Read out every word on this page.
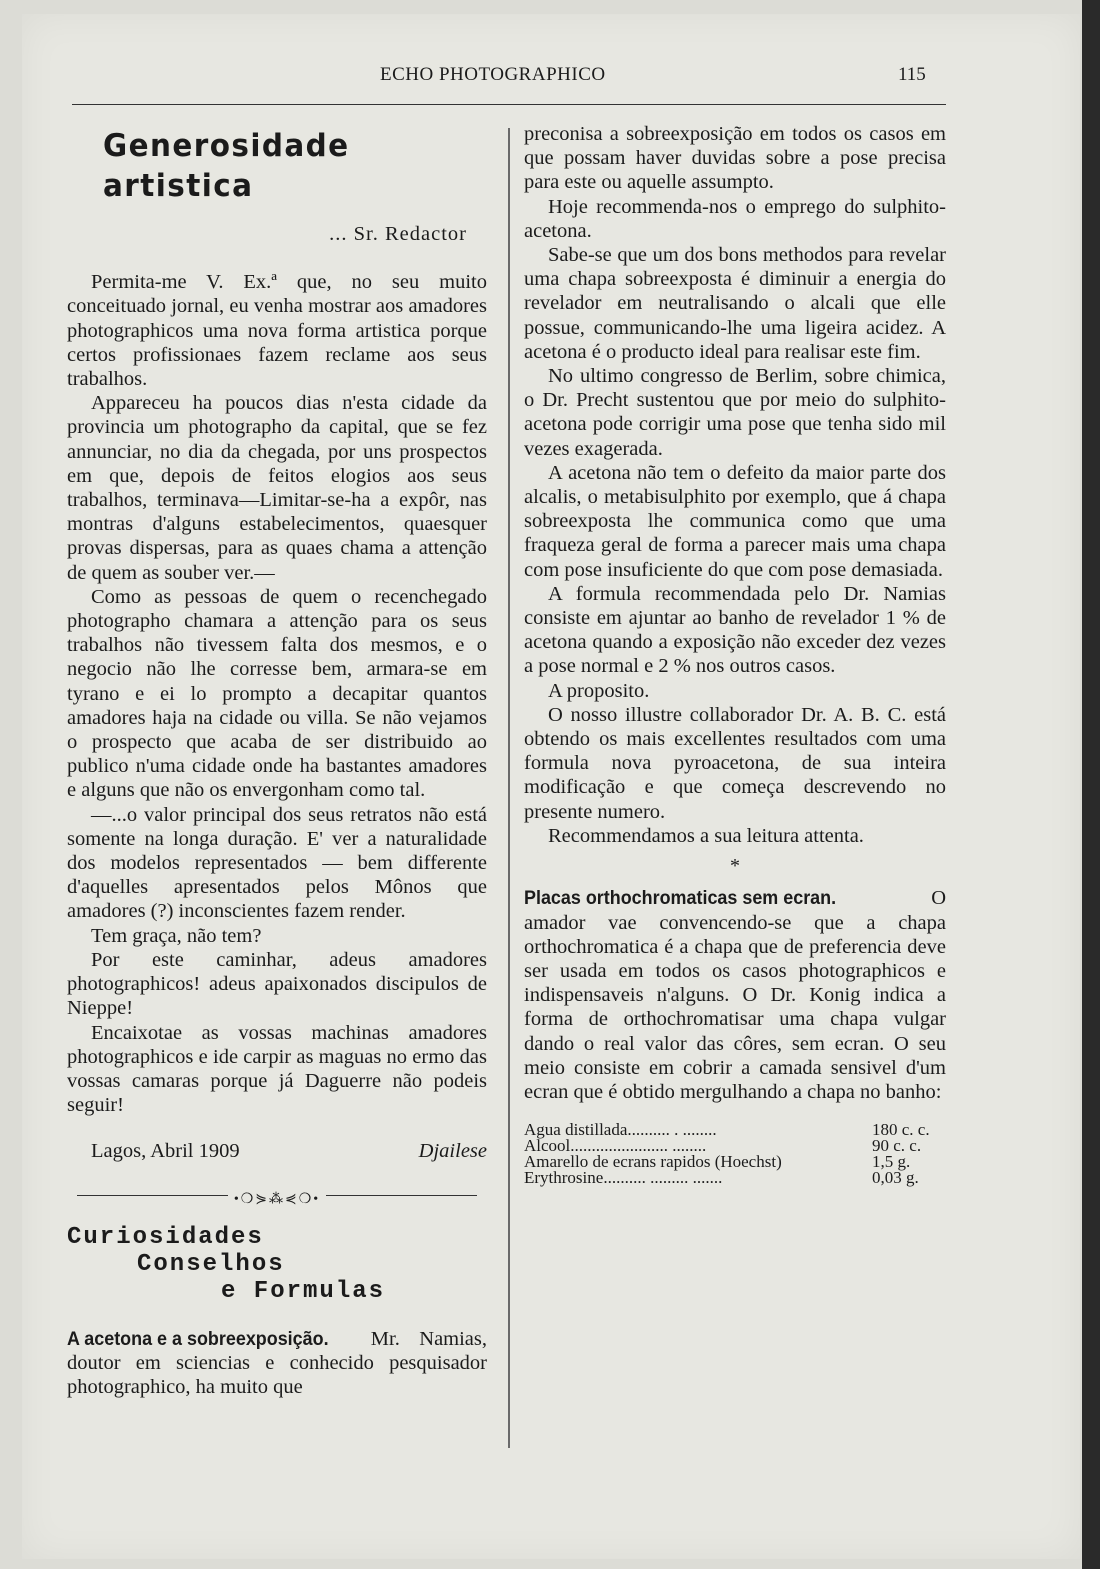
ECHO PHOTOGRAPHICO	115
Generosidade artistica
... Sr. Redactor

Permita-me V. Ex.ª que, no seu muito conceituado jornal, eu venha mostrar aos amadores photographicos uma nova forma artistica porque certos profissionaes fazem reclame aos seus trabalhos.

Appareceu ha poucos dias n'esta cidade da provincia um photographo da capital, que se fez annunciar, no dia da chegada, por uns prospectos em que, depois de feitos elogios aos seus trabalhos, terminava—Limitar-se-ha a expôr, nas montras d'alguns estabelecimentos, quaesquer provas dispersas, para as quaes chama a attenção de quem as souber ver.—

Como as pessoas de quem o recenchegado photographo chamara a attenção para os seus trabalhos não tivessem falta dos mesmos, e o negocio não lhe corresse bem, armara-se em tyrano e ei lo prompto a decapitar quantos amadores haja na cidade ou villa. Se não vejamos o prospecto que acaba de ser distribuido ao publico n'uma cidade onde ha bastantes amadores e alguns que não os envergonham como tal.

—...o valor principal dos seus retratos não está somente na longa duração. E' ver a naturalidade dos modelos representados — bem differente d'aquelles apresentados pelos Mônos que amadores (?) inconscientes fazem render.

Tem graça, não tem?

Por este caminhar, adeus amadores photographicos! adeus apaixonados discipulos de Nieppe!

Encaixotae as vossas machinas amadores photographicos e ide carpir as maguas no ermo das vossas camaras porque já Daguerre não podeis seguir!

Lagos, Abril 1909	Djailese
•❍⋟⁂⋞❍•
Curiosidades
Conselhos
e Formulas

A acetona e a sobreexposição. Mr. Namias, doutor em sciencias e conhecido pesquisador photographico, ha muito que

preconisa a sobreexposição em todos os casos em que possam haver duvidas sobre a pose precisa para este ou aquelle assumpto.

Hoje recommenda-nos o emprego do sulphito-acetona.

Sabe-se que um dos bons methodos para revelar uma chapa sobreexposta é diminuir a energia do revelador em neutralisando o alcali que elle possue, communicando-lhe uma ligeira acidez. A acetona é o producto ideal para realisar este fim.

No ultimo congresso de Berlim, sobre chimica, o Dr. Precht sustentou que por meio do sulphito-acetona pode corrigir uma pose que tenha sido mil vezes exagerada.

A acetona não tem o defeito da maior parte dos alcalis, o metabisulphito por exemplo, que á chapa sobreexposta lhe communica como que uma fraqueza geral de forma a parecer mais uma chapa com pose insuficiente do que com pose demasiada.

A formula recommendada pelo Dr. Namias consiste em ajuntar ao banho de revelador 1 % de acetona quando a exposição não exceder dez vezes a pose normal e 2 % nos outros casos.

A proposito.

O nosso illustre collaborador Dr. A. B. C. está obtendo os mais excellentes resultados com uma formula nova pyroacetona, de sua inteira modificação e que começa descrevendo no presente numero.

Recommendamos a sua leitura attenta.

*

Placas orthochromaticas sem ecran.	O amador vae convencendo-se que a chapa orthochromatica é a chapa que de preferencia deve ser usada em todos os casos photographicos e indispensaveis n'alguns. O Dr. Konig indica a forma de orthochromatisar uma chapa vulgar dando o real valor das côres, sem ecran. O seu meio consiste em cobrir a camada sensivel d'um ecran que é obtido mergulhando a chapa no banho:

Agua distillada.......... . ........	180 c. c.
Alcool....................... ........	90 c. c.
Amarello de ecrans rapidos (Hoechst)	1,5 g.
Erythrosine.......... ......... .......	0,03 g.
